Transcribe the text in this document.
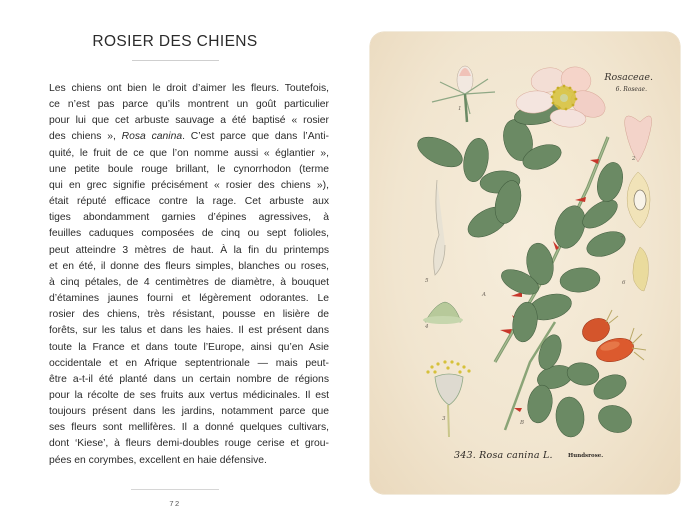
ROSIER DES CHIENS
Les chiens ont bien le droit d’aimer les fleurs. Toutefois,
ce n’est pas parce qu’ils montrent un goût particulier
pour lui que cet arbuste sauvage a été baptisé « rosier
des chiens », Rosa canina. C’est parce que dans l’Anti-
quité, le fruit de ce que l’on nomme aussi « églantier »,
une petite boule rouge brillant, le cynorrhodon (terme
qui en grec signifie précisément « rosier des chiens »),
était réputé efficace contre la rage. Cet arbuste aux
tiges abondamment garnies d’épines agressives, à
feuilles caduques composées de cinq ou sept folioles,
peut atteindre 3 mètres de haut. À la fin du printemps
et en été, il donne des fleurs simples, blanches ou roses,
à cinq pétales, de 4 centimètres de diamètre, à bouquet
d’étamines jaunes fourni et légèrement odorantes. Le
rosier des chiens, très résistant, pousse en lisière de
forêts, sur les talus et dans les haies. Il est présent dans
toute la France et dans toute l’Europe, ainsi qu’en Asie
occidentale et en Afrique septentrionale — mais peut-
être a-t-il été planté dans un certain nombre de régions
pour la récolte de ses fruits aux vertus médicinales. Il est
toujours présent dans les jardins, notamment parce que
ses fleurs sont mellifères. Il a donné quelques cultivars,
dont ‘Kiese’, à fleurs demi-doubles rouge cerise et grou-
pées en corymbes, excellent en haie défensive.
72
1
2
3
4
5	6
7
A
B
Rosaceae.
6. Roseae.
343. Rosa canina L.	Hundsrose.
